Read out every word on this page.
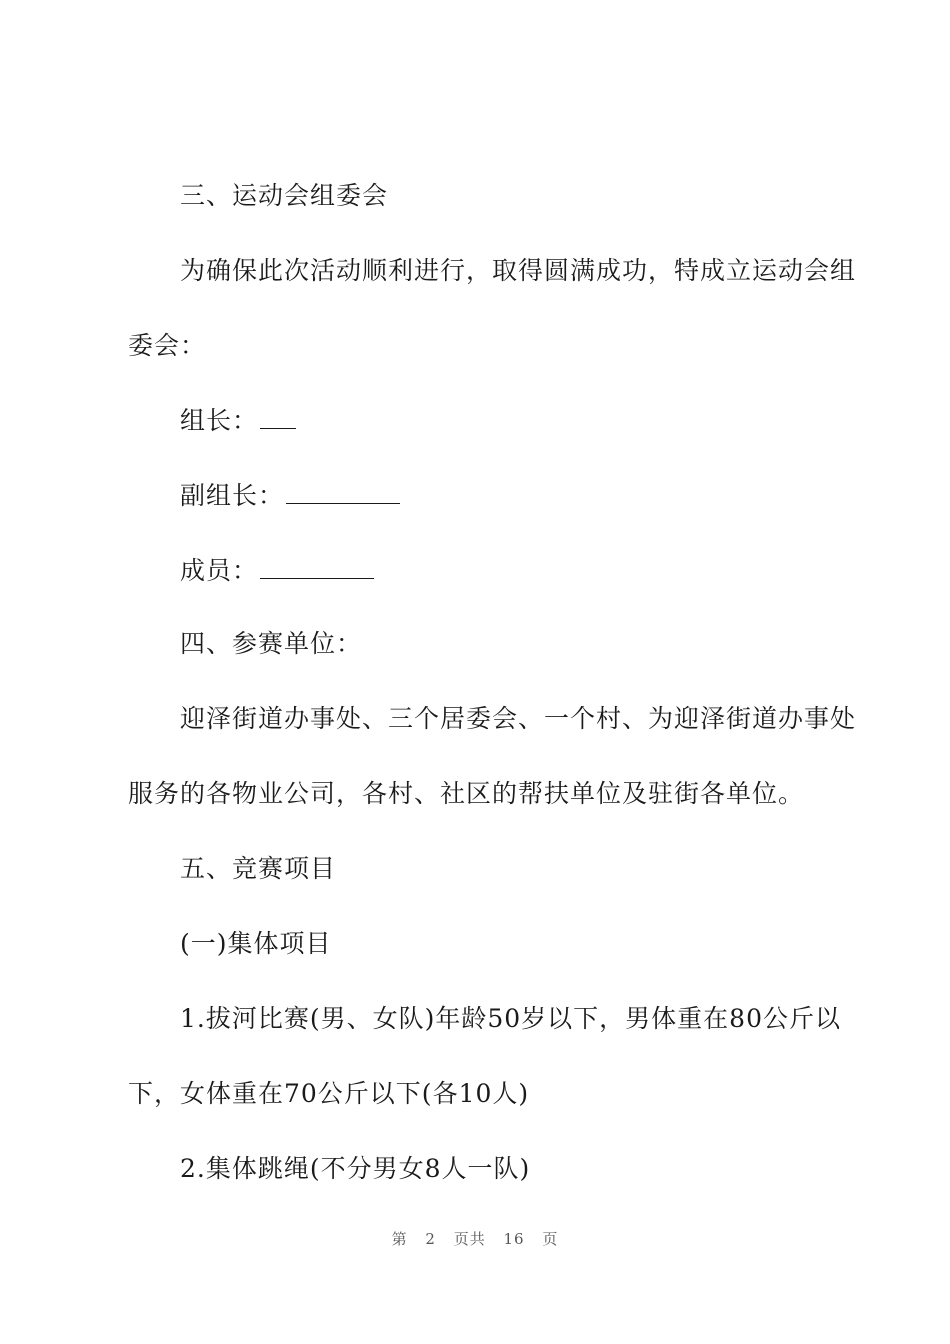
三、运动会组委会
为确保此次活动顺利进行，取得圆满成功，特成立运动会组
委会：
组长：
副组长：
成员：
四、参赛单位：
迎泽街道办事处、三个居委会、一个村、为迎泽街道办事处
服务的各物业公司，各村、社区的帮扶单位及驻街各单位。
五、竞赛项目
(一)集体项目
1.拔河比赛(男、女队)年龄50岁以下，男体重在80公斤以
下，女体重在70公斤以下(各10人)
2.集体跳绳(不分男女8人一队)
第 2 页共 16 页
